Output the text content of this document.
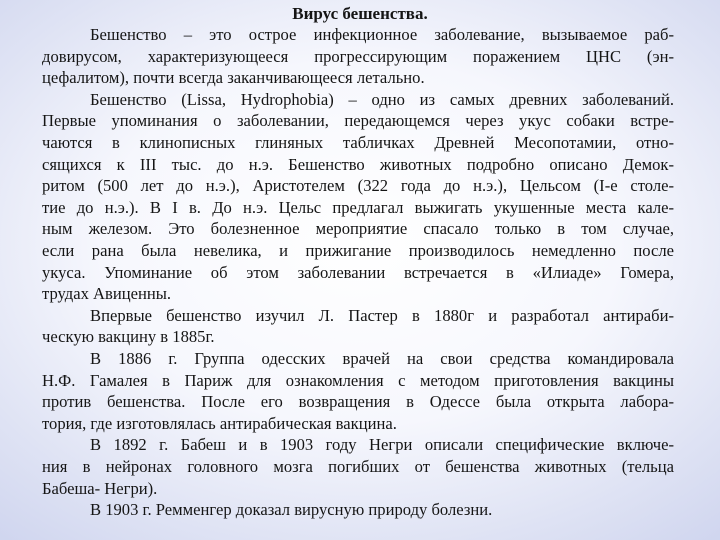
Вирус бешенства.
Бешенство – это острое инфекционное заболевание, вызываемое раб-
довирусом, характеризующееся прогрессирующим поражением ЦНС (эн-
цефалитом), почти всегда заканчивающееся летально.
Бешенство (Lissa, Hydrophobia) – одно из самых древних заболеваний.
Первые упоминания о заболевании, передающемся через укус собаки встре-
чаются в клинописных глиняных табличках Древней Месопотамии, отно-
сящихся к III тыс. до н.э. Бешенство животных подробно описано Демок-
ритом (500 лет до н.э.), Аристотелем (322 года до н.э.), Цельсом (I-е столе-
тие до н.э.). В I в. До н.э. Цельс предлагал выжигать укушенные места кале-
ным железом. Это болезненное мероприятие спасало только в том случае,
если рана была невелика, и прижигание производилось немедленно после
укуса. Упоминание об этом заболевании встречается в «Илиаде» Гомера,
трудах Авиценны.
Впервые бешенство изучил Л. Пастер в 1880г и разработал антираби-
ческую вакцину в 1885г.
В 1886 г. Группа одесских врачей на свои средства командировала
Н.Ф. Гамалея в Париж для ознакомления с методом приготовления вакцины
против бешенства. После его возвращения в Одессе была открыта лабора-
тория, где изготовлялась антирабическая вакцина.
В 1892 г. Бабеш и в 1903 году Негри описали специфические включе-
ния в нейронах головного мозга погибших от бешенства животных (тельца
Бабеша- Негри).
В 1903 г. Ремменгер доказал вирусную природу болезни.
